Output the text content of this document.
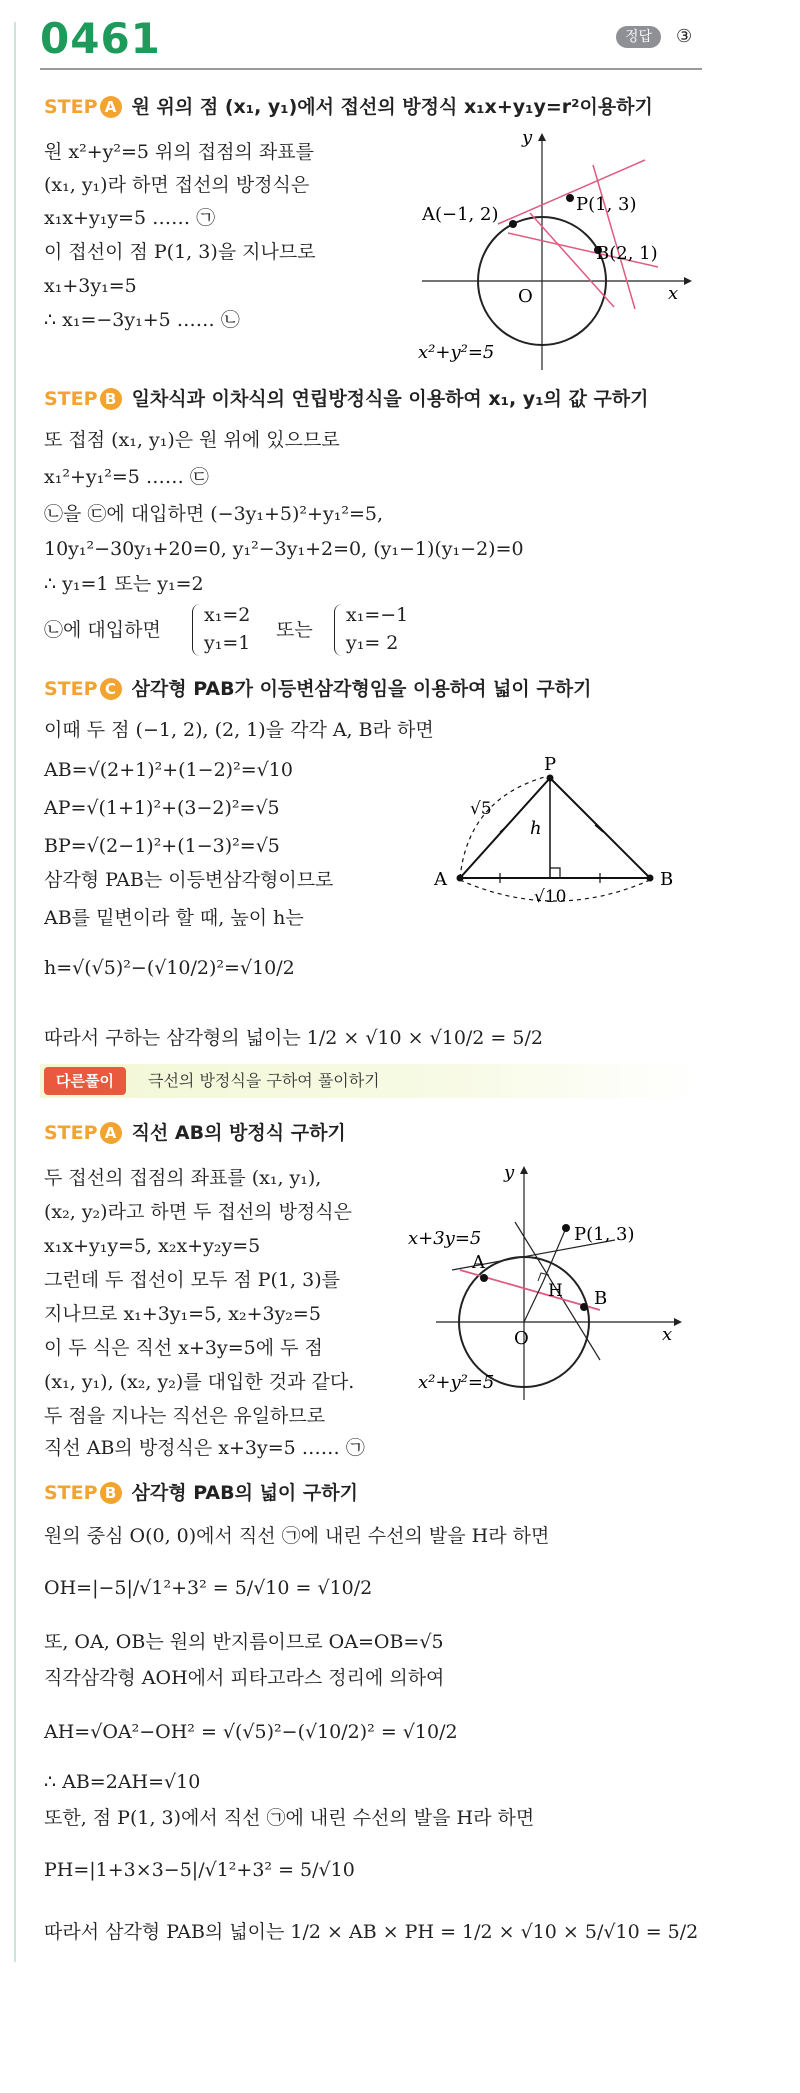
0461	정답	③
STEP A 원 위의 점 (x₁, y₁)에서 접선의 방정식 x₁x+y₁y=r²이용하기
원 x²+y²=5 위의 접점의 좌표를
(x₁, y₁)라 하면 접선의 방정식은
x₁x+y₁y=5 …… ㉠
이 접선이 점 P(1, 3)을 지나므로
x₁+3y₁=5
∴ x₁=−3y₁+5 …… ㉡
y
x
O
A(−1, 2)	P(1, 3)
B(2, 1)
x²+y²=5
STEP B 일차식과 이차식의 연립방정식을 이용하여 x₁, y₁의 값 구하기
또 접점 (x₁, y₁)은 원 위에 있으므로
x₁²+y₁²=5 …… ㉢
㉡을 ㉢에 대입하면 (−3y₁+5)²+y₁²=5,
10y₁²−30y₁+20=0, y₁²−3y₁+2=0, (y₁−1)(y₁−2)=0
∴ y₁=1 또는 y₁=2
㉡에 대입하면
x₁=2
y₁=1
또는
x₁=−1
y₁= 2
STEP C 삼각형 PAB가 이등변삼각형임을 이용하여 넓이 구하기
이때 두 점 (−1, 2), (2, 1)을 각각 A, B라 하면
AB=√(2+1)²+(1−2)²=√10
AP=√(1+1)²+(3−2)²=√5
BP=√(2−1)²+(1−3)²=√5
삼각형 PAB는 이등변삼각형이므로
AB를 밑변이라 할 때, 높이 h는
h=√(√5)²−(√10/2)²=√10/2
따라서 구하는 삼각형의 넓이는 1/2 × √10 × √10/2 = 5/2
P
A	B
h
√5
√10
다른풀이	극선의 방정식을 구하여 풀이하기
STEP A 직선 AB의 방정식 구하기
두 접선의 접점의 좌표를 (x₁, y₁),
(x₂, y₂)라고 하면 두 접선의 방정식은
x₁x+y₁y=5, x₂x+y₂y=5
그런데 두 접선이 모두 점 P(1, 3)를
지나므로 x₁+3y₁=5, x₂+3y₂=5
이 두 식은 직선 x+3y=5에 두 점
(x₁, y₁), (x₂, y₂)를 대입한 것과 같다.
두 점을 지나는 직선은 유일하므로
직선 AB의 방정식은 x+3y=5 …… ㉠
y
x
O
x+3y=5
A
P(1, 3)
B
H
x²+y²=5
STEP B 삼각형 PAB의 넓이 구하기
원의 중심 O(0, 0)에서 직선 ㉠에 내린 수선의 발을 H라 하면
OH=|−5|/√1²+3² = 5/√10 = √10/2
또, OA, OB는 원의 반지름이므로 OA=OB=√5
직각삼각형 AOH에서 피타고라스 정리에 의하여
AH=√OA²−OH² = √(√5)²−(√10/2)² = √10/2
∴ AB=2AH=√10
또한, 점 P(1, 3)에서 직선 ㉠에 내린 수선의 발을 H라 하면
PH=|1+3×3−5|/√1²+3² = 5/√10
따라서 삼각형 PAB의 넓이는 1/2 × AB × PH = 1/2 × √10 × 5/√10 = 5/2
